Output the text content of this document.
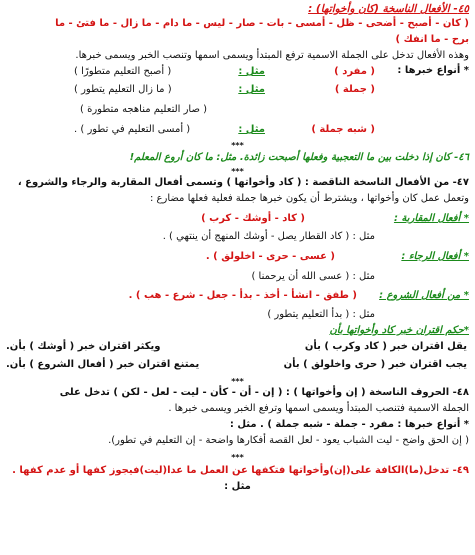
٤٥- الأفعال الناسخة (كان وأخواتها) :
( كان - أصبح - أضحى - ظل - أمسى - بات - صار - ليس - ما دام - ما زال - ما فتئ - ما
برح - ما انفك )
وهذه الأفعال تدخل على الجملة الاسمية ترفع المبتدأ ويسمى اسمها وتنصب الخبر ويسمى خبرها.
* أنواع خبرها :
( مفرد )
مثل :
( أصبح التعليم متطورًا )
( جملة )
مثل :
( ما زال التعليم يتطور )
( صار التعليم مناهجه متطورة )
( شبه جملة )
مثل :
( أمسى التعليم في تطور ) .
***
٤٦- كان إذا دخلت بين ما التعجبية وفعلها أصبحت زائدة. مثل: ما كان أروع المعلم!
***
٤٧- من الأفعال الناسخة الناقصة : ( كاد وأخواتها ) وتسمى أفعال المقاربة والرجاء والشروع ،
وتعمل عمل كان وأخواتها ، ويشترط أن يكون خبرها جملة فعلية فعلها مضارع :
* أفعال المقاربة :
( كاد - أوشك - كرب )
مثل : ( كاد القطار يصل - أوشك المنهج أن ينتهي ) .
* أفعال الرجاء :
( عسى - حرى - اخلولق ) .
مثل : ( عسى الله أن يرحمنا )
* من أفعال الشروع :
( طفق - انشأ - أخذ - بدأ - جعل - شرع - هب ) .
مثل : ( بدأ التعليم يتطور )
*حكم اقتران خبر كاد وأخواتها بأن
يقل اقتران خبر ( كاد وكرب ) بأن
ويكثر اقتران خبر ( أوشك ) بأن.
يجب اقتران خبر ( حرى واخلولق ) بأن
يمتنع اقتران خبر ( أفعال الشروع ) بأن.
***
٤٨- الحروف الناسخة ( إن وأخواتها ) : ( إن - أن - كأن - ليت - لعل - لكن ) تدخل على
الجملة الاسمية فتنصب المبتدأ ويسمى اسمها وترفع الخبر ويسمى خبرها .
* أنواع خبرها : مفرد - جملة - شبه جملة ) . مثل :
( إن الحق واضح - ليت الشباب يعود - لعل القصة أفكارها واضحة - إن التعليم في تطور).
***
٤٩- تدخل(ما)الكافة على(إن)وأخواتها فتكفها عن العمل ما عدا(ليت)فيجوز كفها أو عدم كفها .
مثل :
